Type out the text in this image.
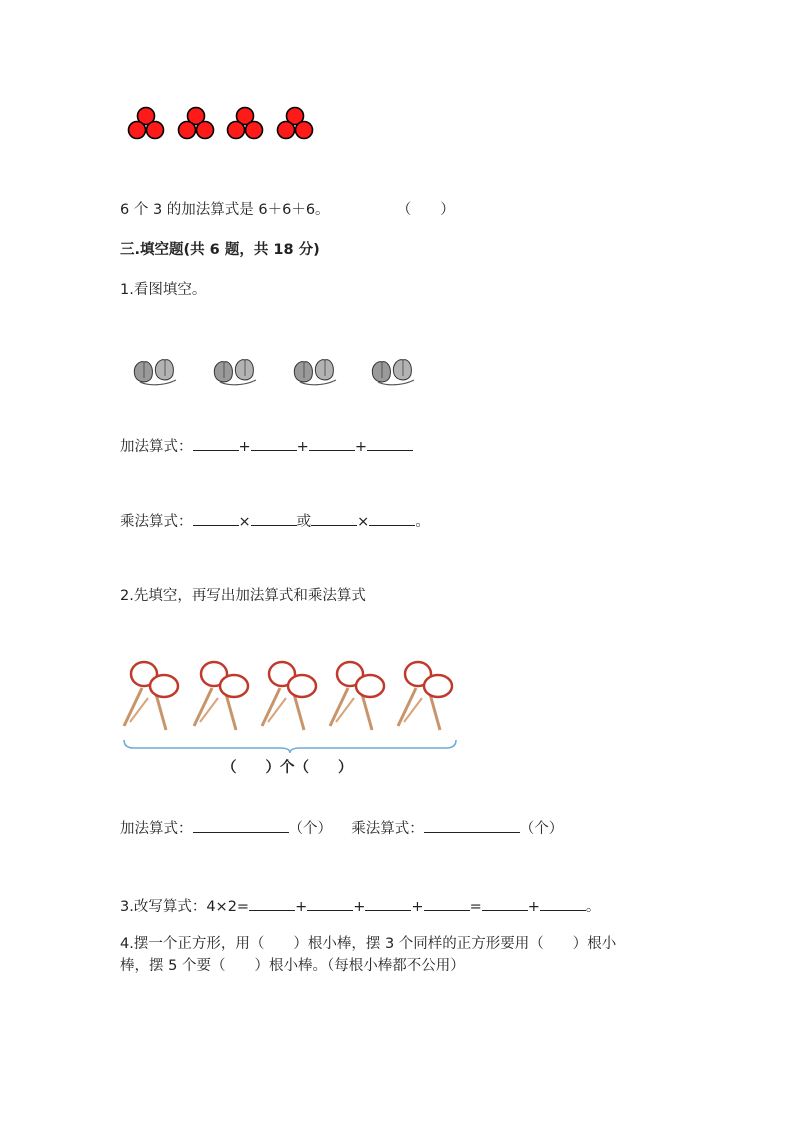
6 个 3 的加法算式是 6＋6＋6。	（　　）
三.填空题(共 6 题，共 18 分)
1.看图填空。
加法算式：	+	+	+
乘法算式：	×	或	×	。
2.先填空，再写出加法算式和乘法算式
（　　）个（　　）
加法算式：	（个） 乘法算式：	（个）
3.改写算式：4×2=	+	+	+	=	+	。
4.摆一个正方形，用（　　）根小棒，摆 3 个同样的正方形要用（　　）根小
棒，摆 5 个要（　　）根小棒。（每根小棒都不公用）
